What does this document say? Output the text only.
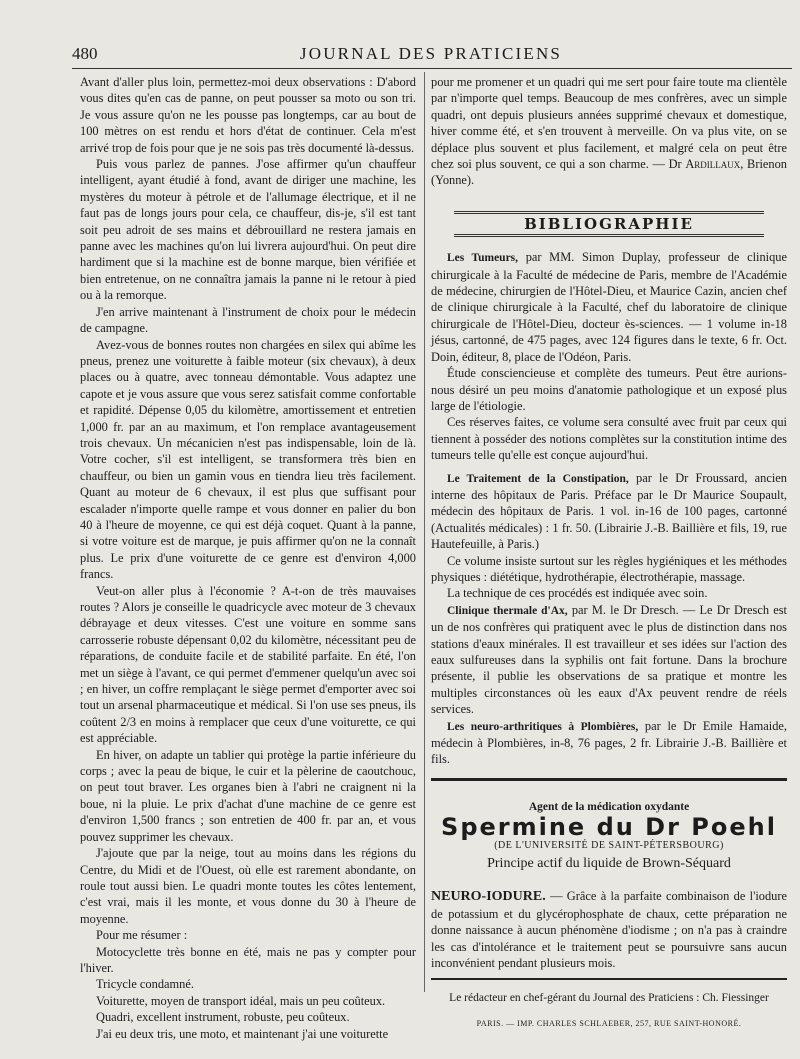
480	JOURNAL DES PRATICIENS

Avant d'aller plus loin, permettez-moi deux observations : D'abord vous dites qu'en cas de panne, on peut pousser sa moto ou son tri. Je vous assure qu'on ne les pousse pas longtemps, car au bout de 100 mètres on est rendu et hors d'état de continuer. Cela m'est arrivé trop de fois pour que je ne sois pas très documenté là-dessus.

Puis vous parlez de pannes. J'ose affirmer qu'un chauffeur intelligent, ayant étudié à fond, avant de diriger une machine, les mystères du moteur à pétrole et de l'allumage électrique, et il ne faut pas de longs jours pour cela, ce chauffeur, dis-je, s'il est tant soit peu adroit de ses mains et débrouillard ne restera jamais en panne avec les machines qu'on lui livrera aujourd'hui. On peut dire hardiment que si la machine est de bonne marque, bien vérifiée et bien entretenue, on ne connaîtra jamais la panne ni le retour à pied ou à la remorque.

J'en arrive maintenant à l'instrument de choix pour le médecin de campagne.

Avez-vous de bonnes routes non chargées en silex qui abîme les pneus, prenez une voiturette à faible moteur (six chevaux), à deux places ou à quatre, avec tonneau démontable. Vous adaptez une capote et je vous assure que vous serez satisfait comme confortable et rapidité. Dépense 0,05 du kilomètre, amortissement et entretien 1,000 fr. par an au maximum, et l'on remplace avantageusement trois chevaux. Un mécanicien n'est pas indispensable, loin de là. Votre cocher, s'il est intelligent, se transformera très bien en chauffeur, ou bien un gamin vous en tiendra lieu très facilement. Quant au moteur de 6 chevaux, il est plus que suffisant pour escalader n'importe quelle rampe et vous donner en palier du bon 40 à l'heure de moyenne, ce qui est déjà coquet. Quant à la panne, si votre voiture est de marque, je puis affirmer qu'on ne la connaît plus. Le prix d'une voiturette de ce genre est d'environ 4,000 francs.

Veut-on aller plus à l'économie ? A-t-on de très mauvaises routes ? Alors je conseille le quadricycle avec moteur de 3 chevaux débrayage et deux vitesses. C'est une voiture en somme sans carrosserie robuste dépensant 0,02 du kilomètre, nécessitant peu de réparations, de conduite facile et de stabilité parfaite. En été, l'on met un siège à l'avant, ce qui permet d'emmener quelqu'un avec soi ; en hiver, un coffre remplaçant le siège permet d'emporter avec soi tout un arsenal pharmaceutique et médical. Si l'on use ses pneus, ils coûtent 2/3 en moins à remplacer que ceux d'une voiturette, ce qui est appréciable.

En hiver, on adapte un tablier qui protège la partie inférieure du corps ; avec la peau de bique, le cuir et la pèlerine de caoutchouc, on peut tout braver. Les organes bien à l'abri ne craignent ni la boue, ni la pluie. Le prix d'achat d'une machine de ce genre est d'environ 1,500 francs ; son entretien de 400 fr. par an, et vous pouvez supprimer les chevaux.

J'ajoute que par la neige, tout au moins dans les régions du Centre, du Midi et de l'Ouest, où elle est rarement abondante, on roule tout aussi bien. Le quadri monte toutes les côtes lentement, c'est vrai, mais il les monte, et vous donne du 30 à l'heure de moyenne.

Pour me résumer :

Motocyclette très bonne en été, mais ne pas y compter pour l'hiver.

Tricycle condamné.

Voiturette, moyen de transport idéal, mais un peu coûteux.

Quadri, excellent instrument, robuste, peu coûteux.

J'ai eu deux tris, une moto, et maintenant j'ai une voiturette

pour me promener et un quadri qui me sert pour faire toute ma clientèle par n'importe quel temps. Beaucoup de mes confrères, avec un simple quadri, ont depuis plusieurs années supprimé chevaux et domestique, hiver comme été, et s'en trouvent à merveille. On va plus vite, on se déplace plus souvent et plus facilement, et malgré cela on peut être chez soi plus souvent, ce qui a son charme. — Dr Ardillaux, Brienon (Yonne).

BIBLIOGRAPHIE

Les Tumeurs, par MM. Simon Duplay, professeur de clinique chirurgicale à la Faculté de médecine de Paris, membre de l'Académie de médecine, chirurgien de l'Hôtel-Dieu, et Maurice Cazin, ancien chef de clinique chirurgicale à la Faculté, chef du laboratoire de clinique chirurgicale de l'Hôtel-Dieu, docteur ès-sciences. — 1 volume in-18 jésus, cartonné, de 475 pages, avec 124 figures dans le texte, 6 fr. Oct. Doin, éditeur, 8, place de l'Odéon, Paris.

Étude consciencieuse et complète des tumeurs. Peut être aurions-nous désiré un peu moins d'anatomie pathologique et un exposé plus large de l'étiologie.

Ces réserves faites, ce volume sera consulté avec fruit par ceux qui tiennent à posséder des notions complètes sur la constitution intime des tumeurs telle qu'elle est conçue aujourd'hui.

Le Traitement de la Constipation, par le Dr Froussard, ancien interne des hôpitaux de Paris. Préface par le Dr Maurice Soupault, médecin des hôpitaux de Paris. 1 vol. in-16 de 100 pages, cartonné (Actualités médicales) : 1 fr. 50. (Librairie J.-B. Baillière et fils, 19, rue Hautefeuille, à Paris.)

Ce volume insiste surtout sur les règles hygiéniques et les méthodes physiques : diététique, hydrothérapie, électrothérapie, massage.

La technique de ces procédés est indiquée avec soin.

Clinique thermale d'Ax, par M. le Dr Dresch. — Le Dr Dresch est un de nos confrères qui pratiquent avec le plus de distinction dans nos stations d'eaux minérales. Il est travailleur et ses idées sur l'action des eaux sulfureuses dans la syphilis ont fait fortune. Dans la brochure présente, il publie les observations de sa pratique et montre les multiples circonstances où les eaux d'Ax peuvent rendre de réels services.

Les neuro-arthritiques à Plombières, par le Dr Emile Hamaide, médecin à Plombières, in-8, 76 pages, 2 fr. Librairie J.-B. Baillière et fils.

Agent de la médication oxydante
Spermine du Dr Poehl
(DE L'UNIVERSITÉ DE SAINT-PÉTERSBOURG)
Principe actif du liquide de Brown-Séquard

NEURO-IODURE. — Grâce à la parfaite combinaison de l'iodure de potassium et du glycérophosphate de chaux, cette préparation ne donne naissance à aucun phénomène d'iodisme ; on n'a pas à craindre les cas d'intolérance et le traitement peut se poursuivre sans aucun inconvénient pendant plusieurs mois.

Le rédacteur en chef-gérant du Journal des Praticiens : Ch. Fiessinger
PARIS. — IMP. CHARLES SCHLAEBER, 257, RUE SAINT-HONORÉ.
